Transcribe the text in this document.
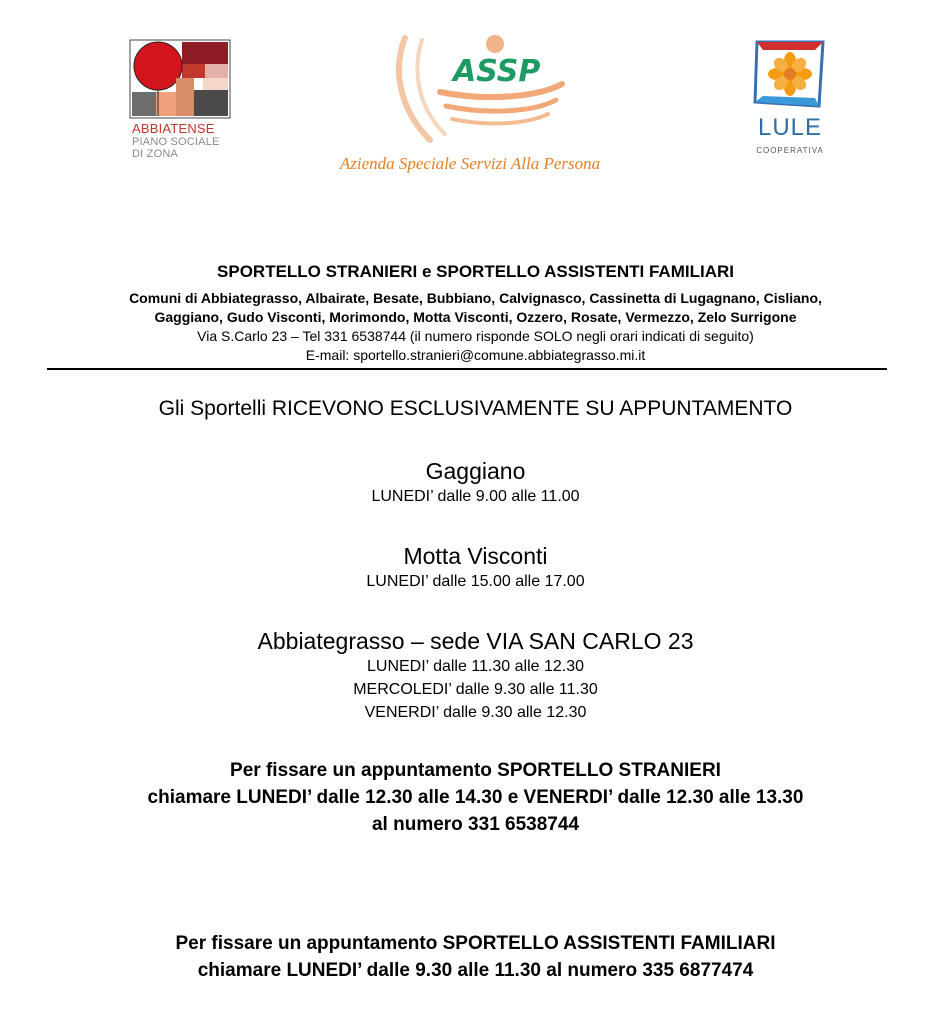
ABBIATENSE
PIANO SOCIALE
DI ZONA
ASSP
Azienda Speciale Servizi Alla Persona
LULE
COOPERATIVA
SPORTELLO STRANIERI e SPORTELLO ASSISTENTI FAMILIARI
Comuni di Abbiategrasso, Albairate, Besate, Bubbiano, Calvignasco, Cassinetta di Lugagnano, Cisliano,
Gaggiano, Gudo Visconti, Morimondo, Motta Visconti, Ozzero, Rosate, Vermezzo, Zelo Surrigone
Via S.Carlo 23 – Tel 331 6538744 (il numero risponde SOLO negli orari indicati di seguito)
E-mail: sportello.stranieri@comune.abbiategrasso.mi.it
Gli Sportelli RICEVONO ESCLUSIVAMENTE SU APPUNTAMENTO
Gaggiano
LUNEDI’ dalle 9.00 alle 11.00
Motta Visconti
LUNEDI’ dalle 15.00 alle 17.00
Abbiategrasso – sede VIA SAN CARLO 23
LUNEDI’ dalle 11.30 alle 12.30
MERCOLEDI’ dalle 9.30 alle 11.30
VENERDI’ dalle 9.30 alle 12.30
Per fissare un appuntamento SPORTELLO STRANIERI
chiamare LUNEDI’ dalle 12.30 alle 14.30 e VENERDI’ dalle 12.30 alle 13.30
al numero 331 6538744
Per fissare un appuntamento SPORTELLO ASSISTENTI FAMILIARI
chiamare LUNEDI’ dalle 9.30 alle 11.30 al numero 335 6877474
